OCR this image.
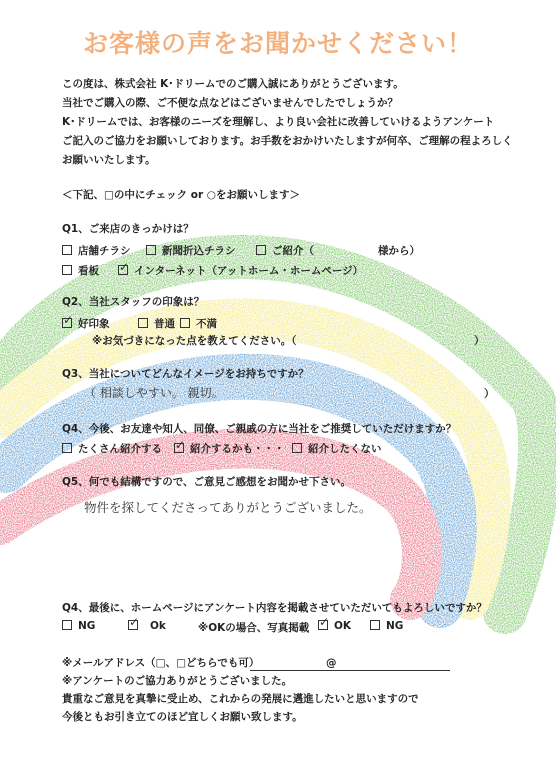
お客様の声をお聞かせください！
この度は、株式会社 K･ドリームでのご購入誠にありがとうございます。
当社でご購入の際、ご不便な点などはございませんでしたでしょうか？
K･ドリームでは、お客様のニーズを理解し、より良い会社に改善していけるようアンケート
ご記入のご協力をお願いしております。お手数をおかけいたしますが何卒、ご理解の程よろしく
お願いいたします。
＜下記、□の中にチェック or ○をお願いします＞
Q1、ご来店のきっかけは？
店舗チラシ	新聞折込チラシ	ご紹介（	様から）
看板 ✓	インターネット（アットホーム・ホームページ）
Q2、当社スタッフの印象は？
✓好印象	普通	不満
※お気づきになった点を教えてください。（	）
Q3、当社についてどんなイメージをお持ちですか？
（ 相談しやすい。 親切。	）
Q4、今後、お友達や知人、同僚、ご親戚の方に当社をご推奨していただけますか？
たくさん紹介する ✓	紹介するかも・・・	紹介したくない
Q5、何でも結構ですので、ご意見ご感想をお聞かせ下さい。
物件を探してくださってありがとうございました。
Q4、最後に、ホームページにアンケート内容を掲載させていただいてもよろしいですか？
NG ✓	Ok	※OKの場合、写真掲載 ✓	OK	NG
※メールアドレス（□、□どちらでも可）	@
※アンケートのご協力ありがとうございました。
貴重なご意見を真摯に受止め、これからの発展に邁進したいと思いますので
今後ともお引き立てのほど宜しくお願い致します。
